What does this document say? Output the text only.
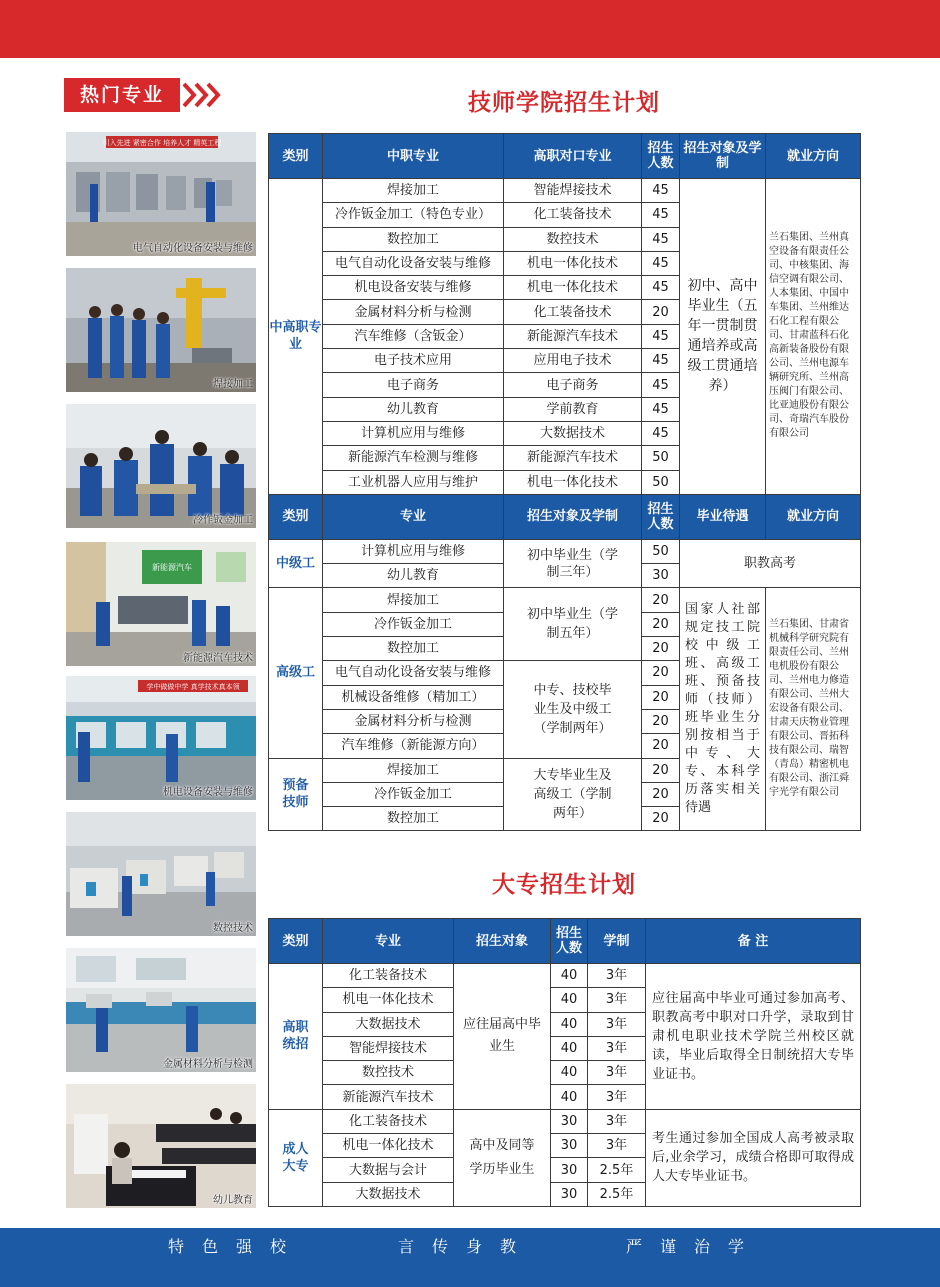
热门专业	技师学院招生计划
引入先进 紧密合作 培养人才 精英工程
电气自动化设备安装与维修
焊接加工
冷作钣金加工
新能源汽车
新能源汽车技术
学中做做中学 真学技术真本领
机电设备安装与维修
数控技术
金属材料分析与检测
幼儿教育
类别	中职专业	高职对口专业	招生人数	招生对象及学制	就业方向
中高职专业	焊接加工	智能焊接技术	45	初中、高中毕业生（五年一贯制贯通培养或高级工贯通培养）	兰石集团、兰州真空设备有限责任公司、中核集团、海信空调有限公司、人本集团、中国中车集团、兰州维达石化工程有限公司、甘肃蓝科石化高新装备股份有限公司、兰州电源车辆研究所、兰州高压阀门有限公司、比亚迪股份有限公司、奇瑞汽车股份有限公司
	冷作钣金加工（特色专业）	化工装备技术	45		
	数控加工	数控技术	45		
	电气自动化设备安装与维修	机电一体化技术	45		
	机电设备安装与维修	机电一体化技术	45		
	金属材料分析与检测	化工装备技术	20		
	汽车维修（含钣金）	新能源汽车技术	45		
	电子技术应用	应用电子技术	45		
	电子商务	电子商务	45		
	幼儿教育	学前教育	45		
	计算机应用与维修	大数据技术	45		
	新能源汽车检测与维修	新能源汽车技术	50		
	工业机器人应用与维护	机电一体化技术	50		
类别	专业	招生对象及学制	招生人数	毕业待遇	就业方向
中级工	计算机应用与维修	初中毕业生（学制三年）	50	职教高考	
	幼儿教育		30		
高级工	焊接加工	初中毕业生（学制五年）	20	国家人社部规定技工院校中级工班、高级工班、预备技师（技师）班毕业生分别按相当于中专、大专、本科学历落实相关待遇	兰石集团、甘肃省机械科学研究院有限责任公司、兰州电机股份有限公司、兰州电力修造有限公司、兰州大宏设备有限公司、甘肃天庆物业管理有限公司、晋拓科技有限公司、瑞智（青岛）精密机电有限公司、浙江舜宇光学有限公司
	冷作钣金加工		20		
	数控加工		20		
	电气自动化设备安装与维修	中专、技校毕业生及中级工（学制两年）	20		
	机械设备维修（精加工）		20		
	金属材料分析与检测		20		
	汽车维修（新能源方向）		20		
预备技师	焊接加工	大专毕业生及高级工（学制两年）	20		
	冷作钣金加工		20		
	数控加工		20		
大专招生计划
类别	专业	招生对象	招生人数	学制	备 注
高职统招	化工装备技术	应往届高中毕业生	40	3年	应往届高中毕业可通过参加高考、职教高考中职对口升学，录取到甘肃机电职业技术学院兰州校区就读，毕业后取得全日制统招大专毕业证书。
	机电一体化技术		40	3年	
	大数据技术		40	3年	
	智能焊接技术		40	3年	
	数控技术		40	3年	
	新能源汽车技术		40	3年	
成人大专	化工装备技术	高中及同等学历毕业生	30	3年	考生通过参加全国成人高考被录取后,业余学习，成绩合格即可取得成人大专毕业证书。
	机电一体化技术		30	3年	
	大数据与会计		30	2.5年	
	大数据技术		30	2.5年	
特色强校	言传身教	严谨治学
